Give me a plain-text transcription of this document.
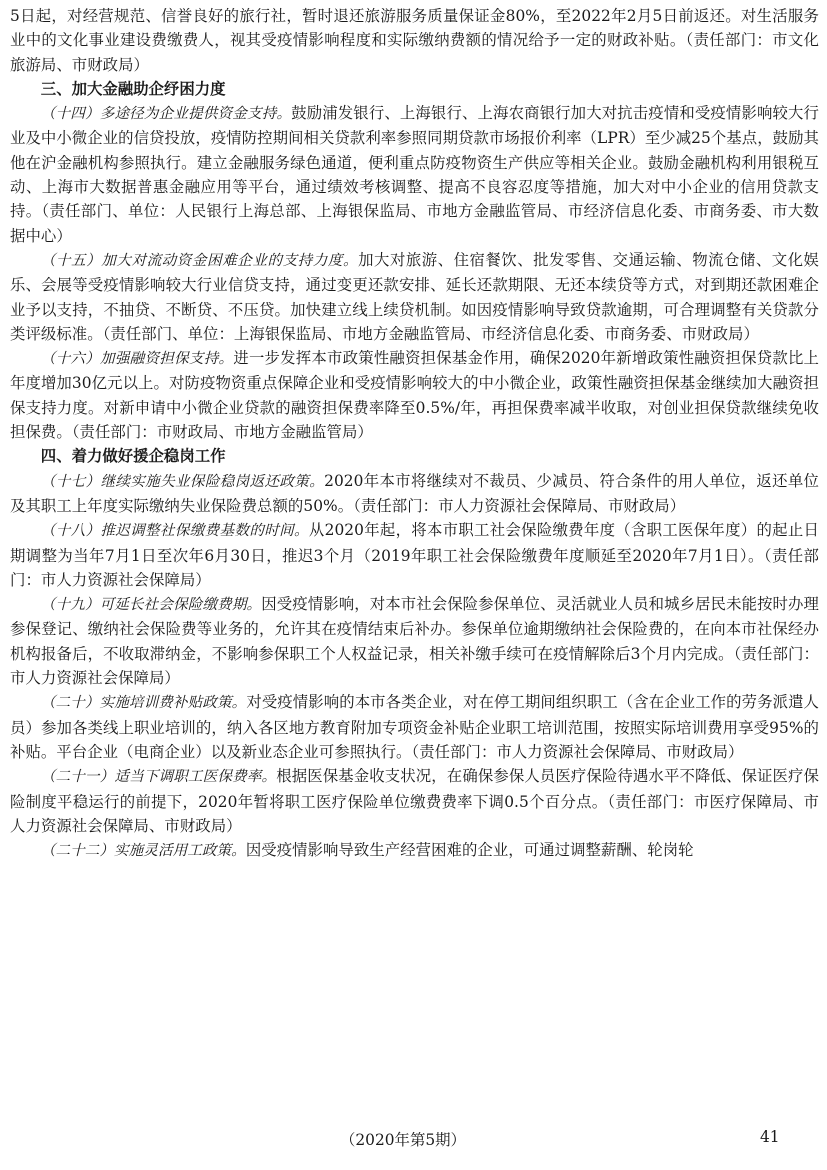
5日起，对经营规范、信誉良好的旅行社，暂时退还旅游服务质量保证金80%，至2022年2月5日前返还。对生活服务业中的文化事业建设费缴费人，视其受疫情影响程度和实际缴纳费额的情况给予一定的财政补贴。（责任部门：市文化旅游局、市财政局）

三、加大金融助企纾困力度

（十四）多途径为企业提供资金支持。鼓励浦发银行、上海银行、上海农商银行加大对抗击疫情和受疫情影响较大行业及中小微企业的信贷投放，疫情防控期间相关贷款利率参照同期贷款市场报价利率（LPR）至少减25个基点，鼓励其他在沪金融机构参照执行。建立金融服务绿色通道，便利重点防疫物资生产供应等相关企业。鼓励金融机构利用银税互动、上海市大数据普惠金融应用等平台，通过绩效考核调整、提高不良容忍度等措施，加大对中小企业的信用贷款支持。（责任部门、单位：人民银行上海总部、上海银保监局、市地方金融监管局、市经济信息化委、市商务委、市大数据中心）

（十五）加大对流动资金困难企业的支持力度。加大对旅游、住宿餐饮、批发零售、交通运输、物流仓储、文化娱乐、会展等受疫情影响较大行业信贷支持，通过变更还款安排、延长还款期限、无还本续贷等方式，对到期还款困难企业予以支持，不抽贷、不断贷、不压贷。加快建立线上续贷机制。如因疫情影响导致贷款逾期，可合理调整有关贷款分类评级标准。（责任部门、单位：上海银保监局、市地方金融监管局、市经济信息化委、市商务委、市财政局）

（十六）加强融资担保支持。进一步发挥本市政策性融资担保基金作用，确保2020年新增政策性融资担保贷款比上年度增加30亿元以上。对防疫物资重点保障企业和受疫情影响较大的中小微企业，政策性融资担保基金继续加大融资担保支持力度。对新申请中小微企业贷款的融资担保费率降至0.5%/年，再担保费率减半收取，对创业担保贷款继续免收担保费。（责任部门：市财政局、市地方金融监管局）

四、着力做好援企稳岗工作

（十七）继续实施失业保险稳岗返还政策。2020年本市将继续对不裁员、少减员、符合条件的用人单位，返还单位及其职工上年度实际缴纳失业保险费总额的50%。（责任部门：市人力资源社会保障局、市财政局）

（十八）推迟调整社保缴费基数的时间。从2020年起，将本市职工社会保险缴费年度（含职工医保年度）的起止日期调整为当年7月1日至次年6月30日，推迟3个月（2019年职工社会保险缴费年度顺延至2020年7月1日）。（责任部门：市人力资源社会保障局）

（十九）可延长社会保险缴费期。因受疫情影响，对本市社会保险参保单位、灵活就业人员和城乡居民未能按时办理参保登记、缴纳社会保险费等业务的，允许其在疫情结束后补办。参保单位逾期缴纳社会保险费的，在向本市社保经办机构报备后，不收取滞纳金，不影响参保职工个人权益记录，相关补缴手续可在疫情解除后3个月内完成。（责任部门：市人力资源社会保障局）

（二十）实施培训费补贴政策。对受疫情影响的本市各类企业，对在停工期间组织职工（含在企业工作的劳务派遣人员）参加各类线上职业培训的，纳入各区地方教育附加专项资金补贴企业职工培训范围，按照实际培训费用享受95%的补贴。平台企业（电商企业）以及新业态企业可参照执行。（责任部门：市人力资源社会保障局、市财政局）

（二十一）适当下调职工医保费率。根据医保基金收支状况，在确保参保人员医疗保险待遇水平不降低、保证医疗保险制度平稳运行的前提下，2020年暂将职工医疗保险单位缴费费率下调0.5个百分点。（责任部门：市医疗保障局、市人力资源社会保障局、市财政局）

（二十二）实施灵活用工政策。因受疫情影响导致生产经营困难的企业，可通过调整薪酬、轮岗轮

（2020年第5期）	41
